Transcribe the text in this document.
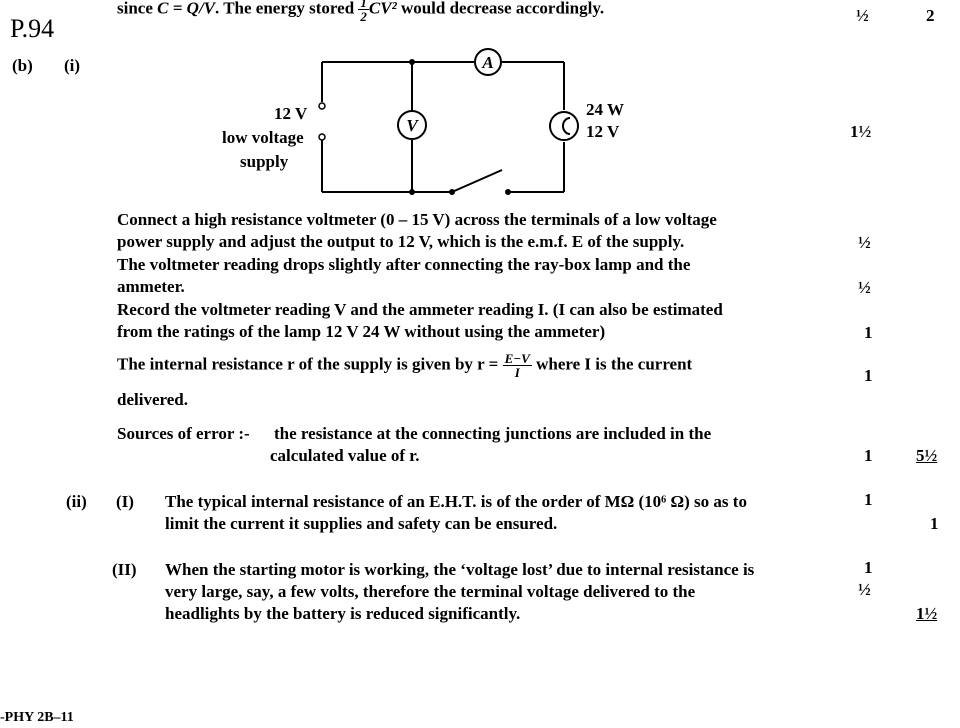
since C = Q/V. The energy stored $\frac{1}{2} CV^2$ would decrease accordingly.	½	2
P.94
(b) (i)	A
V
12 V
low voltage
supply
24 W
12 V	1½
Connect a high resistance voltmeter (0 – 15 V) across the terminals of a low voltage
power supply and adjust the output to 12 V, which is the e.m.f. E of the supply.	½
The voltmeter reading drops slightly after connecting the ray-box lamp and the
ammeter.	½
Record the voltmeter reading V and the ammeter reading I. (I can also be estimated
from the ratings of the lamp 12 V 24 W without using the ammeter)	1
The internal resistance r of the supply is given by $r = \frac{E-V}{I}$ where I is the current
delivered.
1
Sources of error :- the resistance at the connecting junctions are included in the
calculated value of r.	1	5½
(ii) (I) The typical internal resistance of an E.H.T. is of the order of MΩ (10⁶ Ω) so as to
limit the current it supplies and safety can be ensured.
1
1
(II) When the starting motor is working, the ‘voltage lost’ due to internal resistance is
very large, say, a few volts, therefore the terminal voltage delivered to the
headlights by the battery is reduced significantly.
1
½
1½
-PHY 2B–11
